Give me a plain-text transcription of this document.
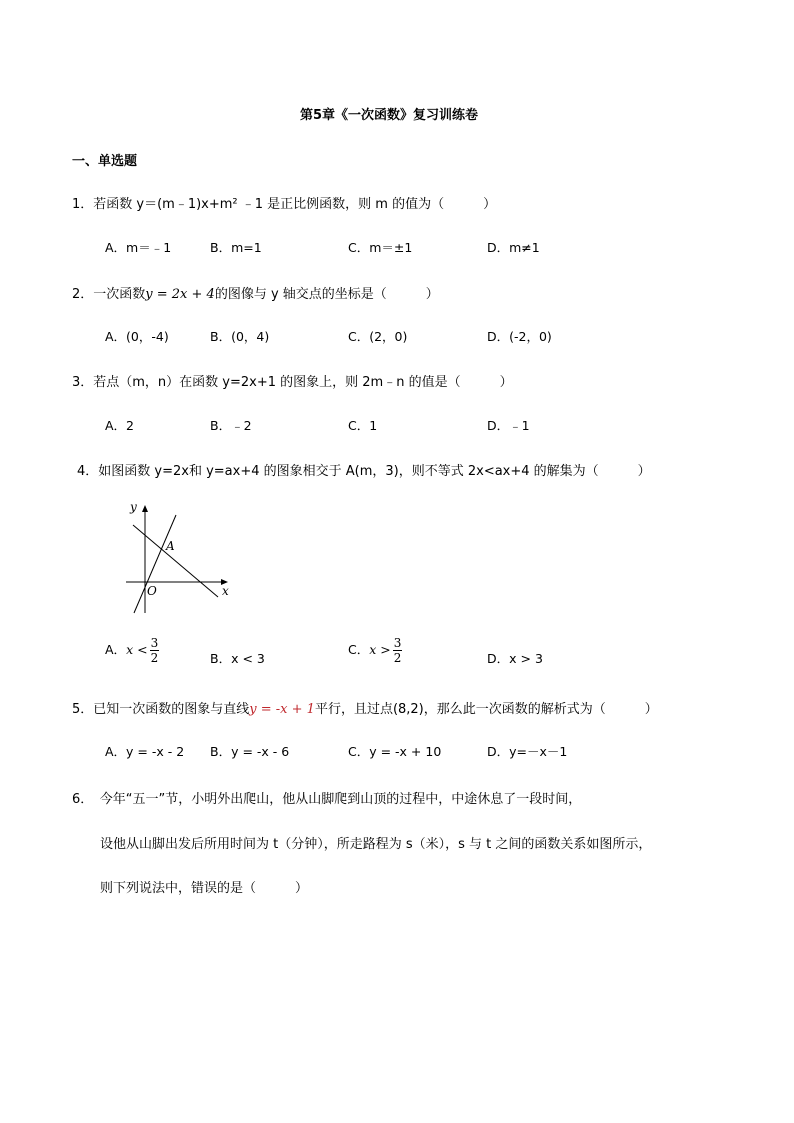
第5章《一次函数》复习训练卷
一、单选题
1．若函数 y＝(m﹣1)x+m² ﹣1 是正比例函数，则 m 的值为（　　　）
A．m＝﹣1	B．m=1	C．m＝±1	D．m≠1
2．一次函数y = 2x + 4的图像与 y 轴交点的坐标是（　　　）
A．(0，-4)	B．(0，4)	C．(2，0)	D．(-2，0)
3．若点（m，n）在函数 y=2x+1 的图象上，则 2m﹣n 的值是（　　　）
A．2	B．﹣2	C．1	D．﹣1
4．如图函数 y=2x和 y=ax+4 的图象相交于 A(m，3)，则不等式 2x<ax+4 的解集为（　　　）
y
x
O
A
A．$x < \frac{3}{2}$	B．x < 3
C．$x > \frac{3}{2}$	D．x > 3
5．已知一次函数的图象与直线y = -x + 1平行，且过点(8,2)，那么此一次函数的解析式为（　　　）
A．y = -x - 2 B．y = -x - 6	C．y = -x + 10	D．y=－x－1
6．　今年“五一”节，小明外出爬山，他从山脚爬到山顶的过程中，中途休息了一段时间，
设他从山脚出发后所用时间为 t（分钟），所走路程为 s（米），s 与 t 之间的函数关系如图所示，
则下列说法中，错误的是（　　　）
